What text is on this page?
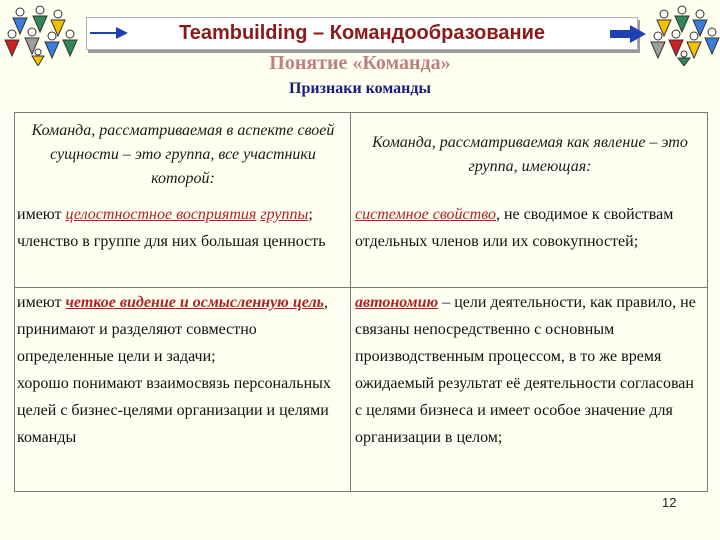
Teambuilding – Командообразование
Понятие «Команда»
Признаки команды
Команда, рассматриваемая в аспекте своей сущности – это группа, все участники которой:
Команда, рассматриваемая как явление – это группа, имеющая:
имеют целостностное восприятия группы; членство в группе для них большая ценность
системное свойство, не сводимое к свойствам отдельных членов или их совокупностей;
имеют четкое видение и осмысленную цель, принимают и разделяют совместно определенные цели и задачи;
хорошо понимают взаимосвязь персональных целей с бизнес-целями организации и целями команды
автономию – цели деятельности, как правило, не связаны непосредственно с основным производственным процессом, в то же время ожидаемый результат её деятельности согласован с целями бизнеса и имеет особое значение для организации в целом;
12
